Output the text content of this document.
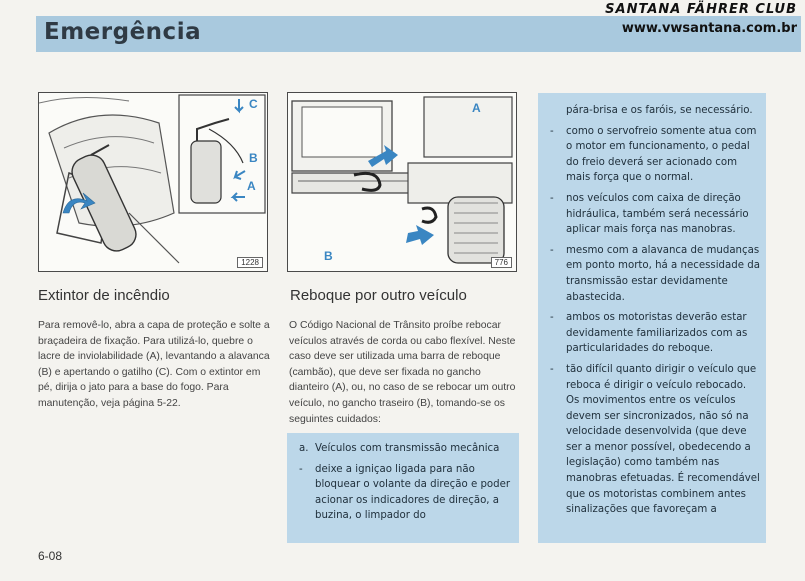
Emergência
SANTANA FÄHRER CLUB
www.vwsantana.com.br
C
B
A
1228
A
B	776
Extintor de incêndio	Reboque por outro veículo
Para removê-lo, abra a capa de proteção e solte a braçadeira de fixação. Para utilizá-lo, quebre o lacre de inviolabilidade (A), levantando a alavanca (B) e apertando o gatilho (C). Com o extintor em pé, dirija o jato para a base do fogo. Para manutenção, veja página 5-22.
O Código Nacional de Trânsito proíbe rebocar veículos através de corda ou cabo flexível. Neste caso deve ser utilizada uma barra de reboque (cambão), que deve ser fixada no gancho dianteiro (A), ou, no caso de se rebocar um outro veículo, no gancho traseiro (B), tomando-se os seguintes cuidados:
a. Veículos com transmissão mecânica
- deixe a igniçao ligada para não bloquear o volante da direção e poder acionar os indicadores de direção, a buzina, o limpador do
pára-brisa e os faróis, se necessário.
- como o servofreio somente atua com o motor em funcionamento, o pedal do freio deverá ser acionado com mais força que o normal.
- nos veículos com caixa de direção hidráulica, também será necessário aplicar mais força nas manobras.
- mesmo com a alavanca de mudanças em ponto morto, há a necessidade da transmissão estar devidamente abastecida.
- ambos os motoristas deverão estar devidamente familiarizados com as particularidades do reboque.
- tão difícil quanto dirigir o veículo que reboca é dirigir o veículo rebocado. Os movimentos entre os veículos devem ser sincronizados, não só na velocidade desenvolvida (que deve ser a menor possível, obedecendo a legislação) como também nas manobras efetuadas. É recomendável que os motoristas combinem antes sinalizações que favoreçam a
6-08
